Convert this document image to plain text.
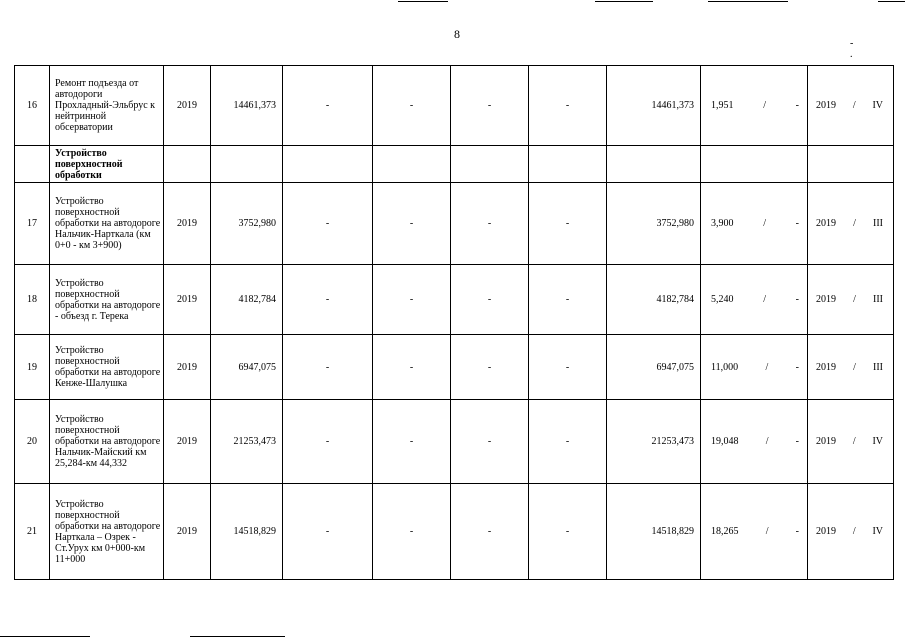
8
- .
16	Ремонт подъезда от автодороги Прохладный-Эльбрус к нейтринной обсерватории	2019	14461,373	-	-	-	-	14461,373	1,951 / -	2019 / IV

	Устройство поверхностной обработки									
17	Устройство поверхностной обработки на автодороге Нальчик-Нарткала (км 0+0 - км 3+900)	2019	3752,980	-	-	-	-	3752,980	3,900 / -	2019 / III

18	Устройство поверхностной обработки на автодороге - объезд г. Терека	2019	4182,784	-	-	-	-	4182,784	5,240 / -	2019 / III

19	Устройство поверхностной обработки на автодороге Кенже-Шалушка	2019	6947,075	-	-	-	-	6947,075	11,000 / -	2019 / III

20	Устройство поверхностной обработки на автодороге Нальчик-Майский км 25,284-км 44,332	2019	21253,473	-	-	-	-	21253,473	19,048 / -	2019 / IV

21	Устройство поверхностной обработки на автодороге Нарткала – Озрек - Ст.Урух км 0+000-км 11+000	2019	14518,829	-	-	-	-	14518,829	18,265 / -	2019 / IV
